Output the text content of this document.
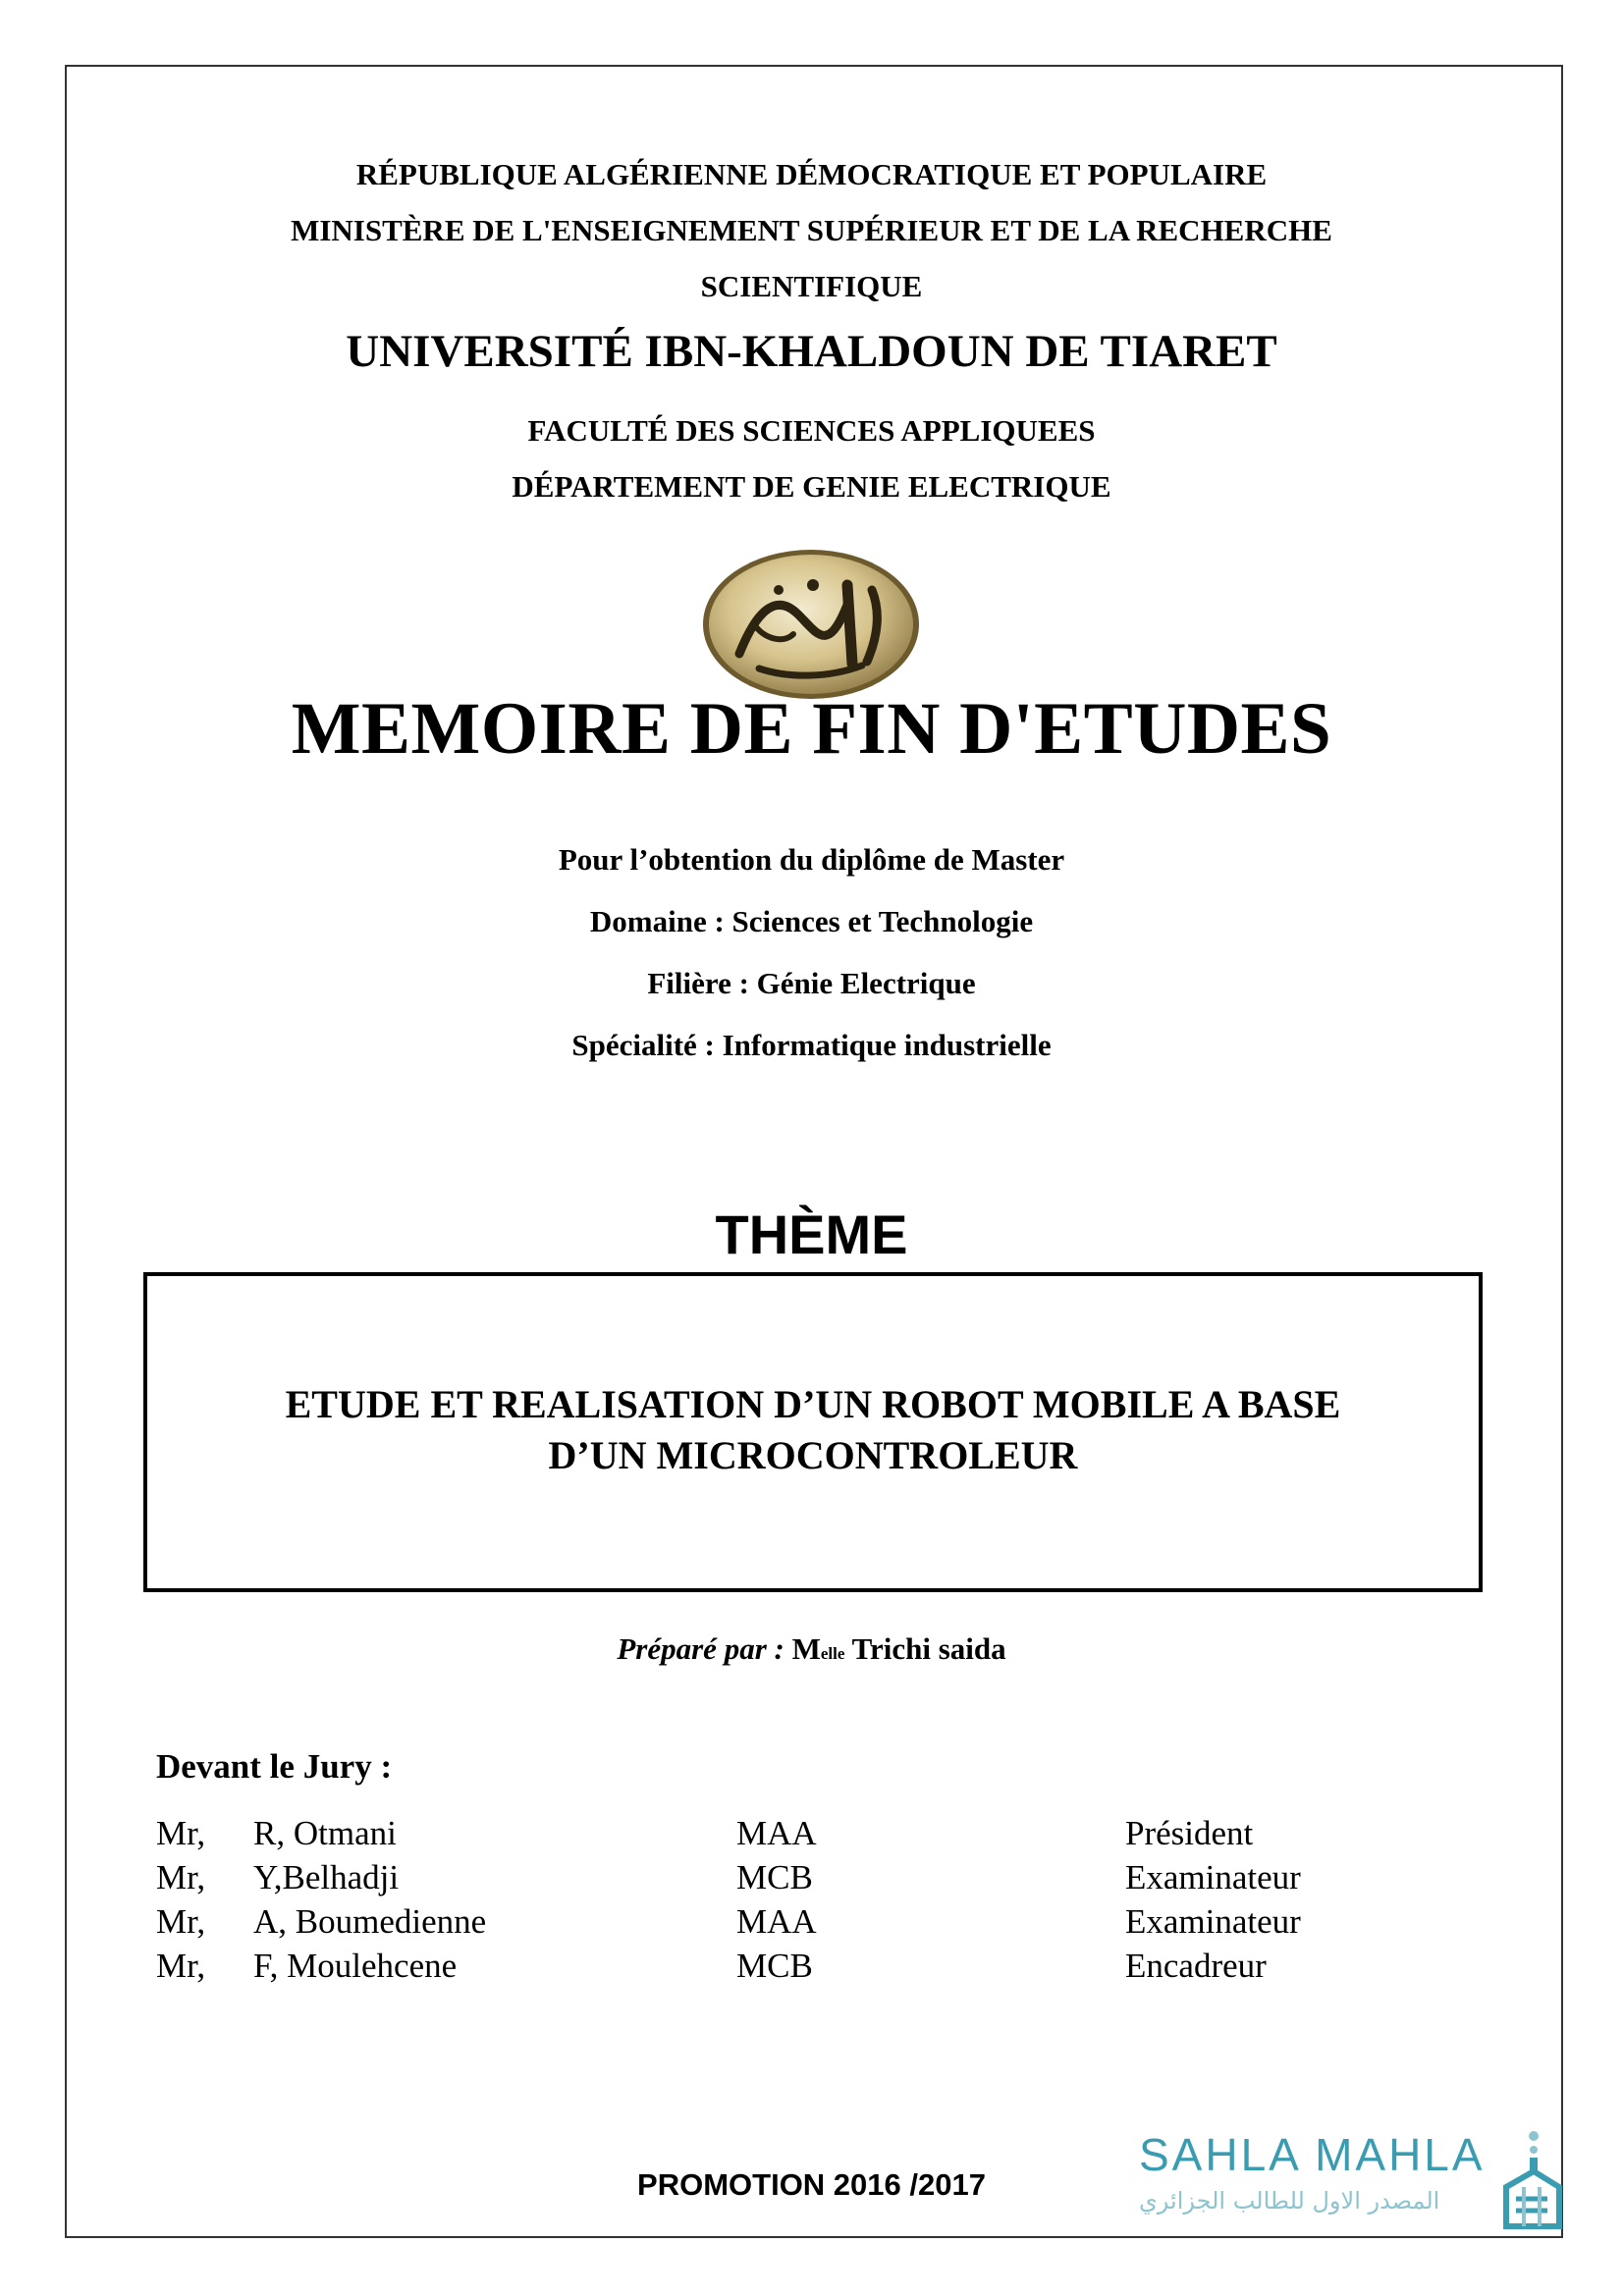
RÉPUBLIQUE ALGÉRIENNE DÉMOCRATIQUE ET POPULAIRE
MINISTÈRE DE L'ENSEIGNEMENT SUPÉRIEUR ET DE LA RECHERCHE
SCIENTIFIQUE
UNIVERSITÉ IBN-KHALDOUN DE TIARET
FACULTÉ DES SCIENCES APPLIQUEES
DÉPARTEMENT DE GENIE ELECTRIQUE
MEMOIRE DE FIN D'ETUDES
Pour l’obtention du diplôme de Master
Domaine : Sciences et Technologie
Filière : Génie Electrique
Spécialité : Informatique industrielle
THÈME
ETUDE ET REALISATION D’UN ROBOT MOBILE A BASE
D’UN MICROCONTROLEUR
Préparé par : Melle Trichi saida
Devant le Jury :
Mr, R, Otmani	MAA	Président
Mr, Y,Belhadji	MCB	Examinateur
Mr, A, Boumedienne	MAA	Examinateur
Mr, F, Moulehcene	MCB	Encadreur
PROMOTION 2016 /2017
SAHLA MAHLA
المصدر الاول للطالب الجزائري
